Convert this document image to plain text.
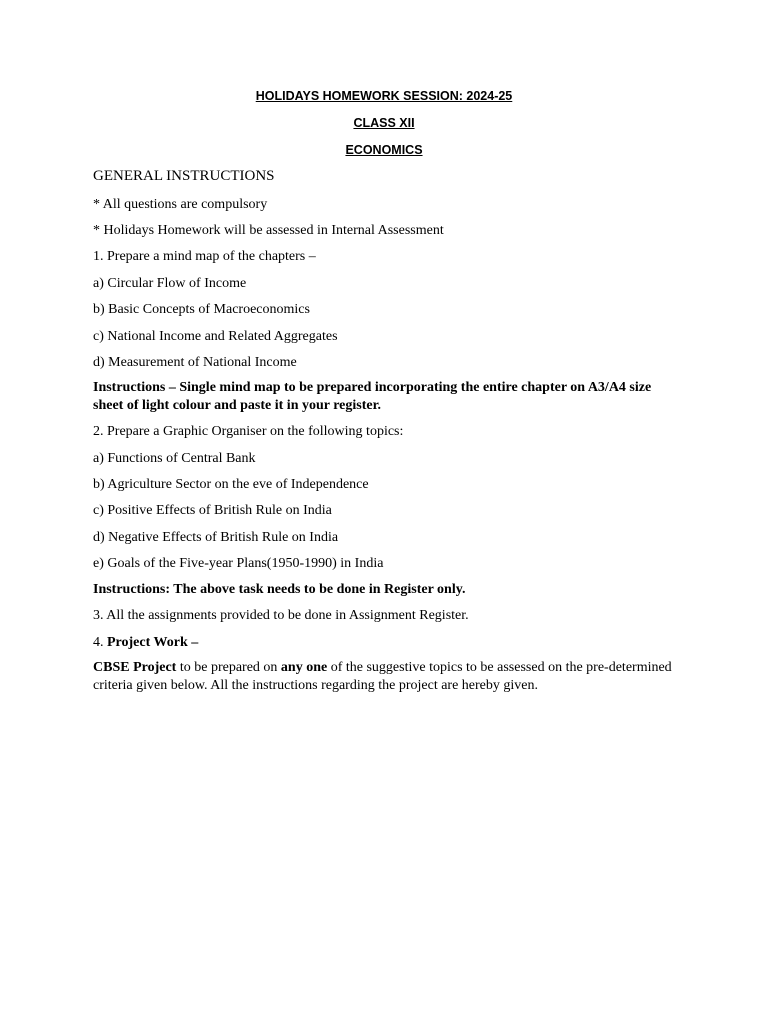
HOLIDAYS HOMEWORK SESSION: 2024-25
CLASS XII
ECONOMICS
GENERAL INSTRUCTIONS
* All questions are compulsory
* Holidays Homework will be assessed in Internal Assessment
1. Prepare a mind map of the chapters –
a) Circular Flow of Income
b) Basic Concepts of Macroeconomics
c) National Income and Related Aggregates
d) Measurement of National Income
Instructions – Single mind map to be prepared incorporating the entire chapter on A3/A4 size sheet of light colour and paste it in your register.
2. Prepare a Graphic Organiser on the following topics:
a) Functions of Central Bank
b) Agriculture Sector on the eve of Independence
c) Positive Effects of British Rule on India
d) Negative Effects of British Rule on India
e) Goals of the Five-year Plans(1950-1990) in India
Instructions: The above task needs to be done in Register only.
3. All the assignments provided to be done in Assignment Register.
4. Project Work –
CBSE Project to be prepared on any one of the suggestive topics to be assessed on the pre-determined criteria given below. All the instructions regarding the project are hereby given.
